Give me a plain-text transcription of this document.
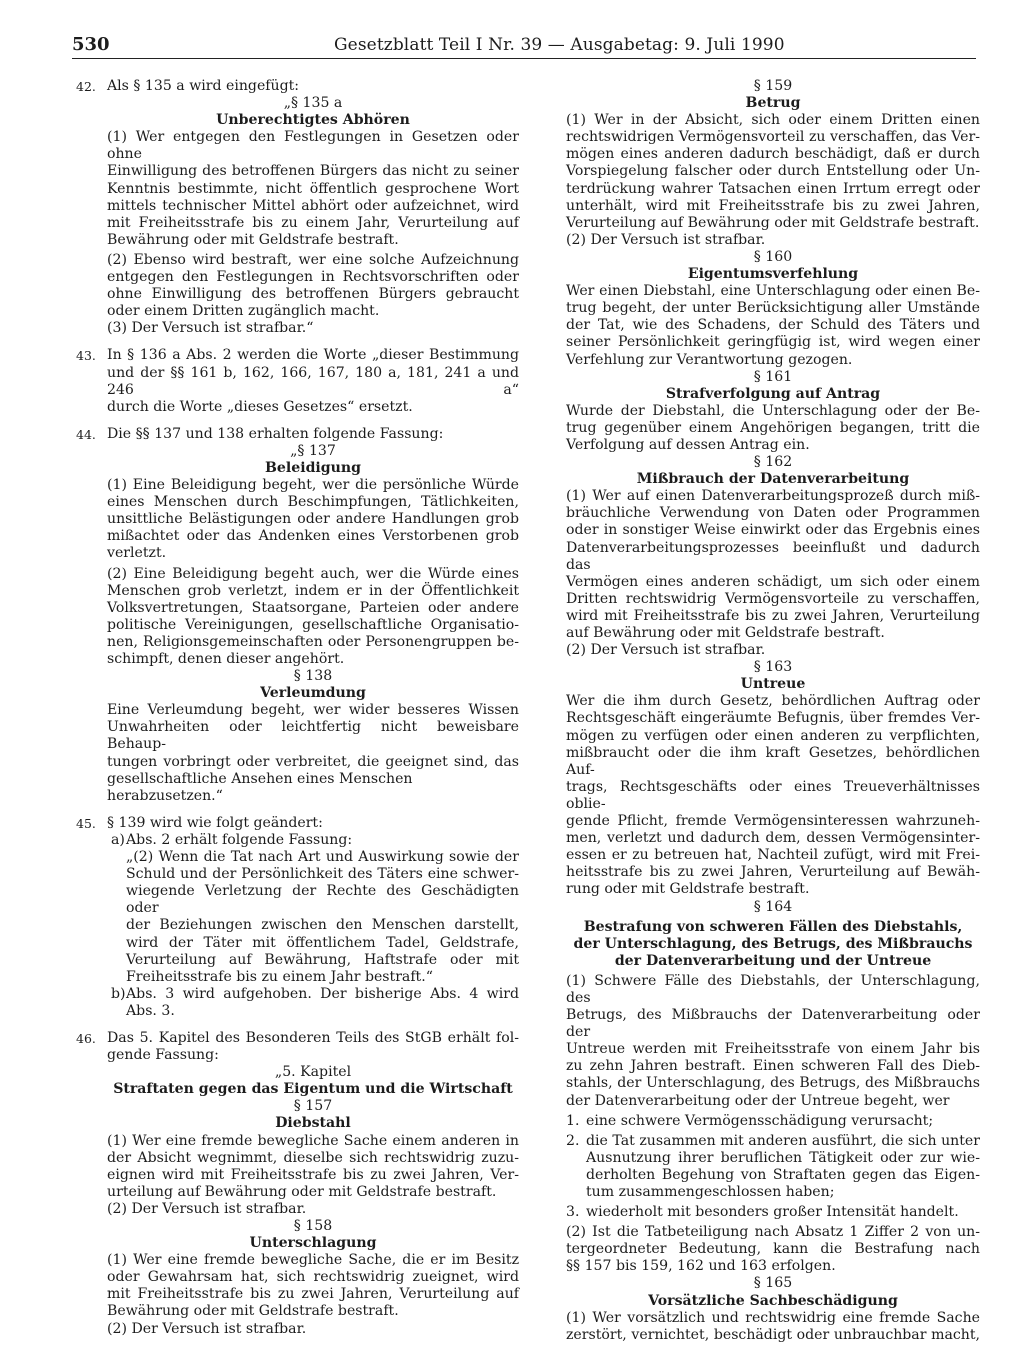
530	Gesetzblatt Teil I Nr. 39 — Ausgabetag: 9. Juli 1990
42. Als § 135 a wird eingefügt:

„§ 135 a

Unberechtigtes Abhören

(1) Wer entgegen den Festlegungen in Gesetzen oder ohne

Einwilligung des betroffenen Bürgers das nicht zu seiner

Kenntnis bestimmte, nicht öffentlich gesprochene Wort

mittels technischer Mittel abhört oder aufzeichnet, wird

mit Freiheitsstrafe bis zu einem Jahr, Verurteilung auf

Bewährung oder mit Geldstrafe bestraft.

(2) Ebenso wird bestraft, wer eine solche Aufzeichnung

entgegen den Festlegungen in Rechtsvorschriften oder

ohne Einwilligung des betroffenen Bürgers gebraucht

oder einem Dritten zugänglich macht.

(3) Der Versuch ist strafbar.“

43. In § 136 a Abs. 2 werden die Worte „dieser Bestimmung

und der §§ 161 b, 162, 166, 167, 180 a, 181, 241 a und 246 a“

durch die Worte „dieses Gesetzes“ ersetzt.

44. Die §§ 137 und 138 erhalten folgende Fassung:

„§ 137

Beleidigung

(1) Eine Beleidigung begeht, wer die persönliche Würde

eines Menschen durch Beschimpfungen, Tätlichkeiten,

unsittliche Belästigungen oder andere Handlungen grob

mißachtet oder das Andenken eines Verstorbenen grob

verletzt.

(2) Eine Beleidigung begeht auch, wer die Würde eines

Menschen grob verletzt, indem er in der Öffentlichkeit

Volksvertretungen, Staatsorgane, Parteien oder andere

politische Vereinigungen, gesellschaftliche Organisatio-

nen, Religionsgemeinschaften oder Personengruppen be-

schimpft, denen dieser angehört.

§ 138

Verleumdung

Eine Verleumdung begeht, wer wider besseres Wissen

Unwahrheiten oder leichtfertig nicht beweisbare Behaup-

tungen vorbringt oder verbreitet, die geeignet sind, das

gesellschaftliche Ansehen eines Menschen herabzusetzen.“

45. § 139 wird wie folgt geändert:

a) Abs. 2 erhält folgende Fassung:

„(2) Wenn die Tat nach Art und Auswirkung sowie der

Schuld und der Persönlichkeit des Täters eine schwer-

wiegende Verletzung der Rechte des Geschädigten oder

der Beziehungen zwischen den Menschen darstellt,

wird der Täter mit öffentlichem Tadel, Geldstrafe,

Verurteilung auf Bewährung, Haftstrafe oder mit

Freiheitsstrafe bis zu einem Jahr bestraft.“

b) Abs. 3 wird aufgehoben. Der bisherige Abs. 4 wird

Abs. 3.

46. Das 5. Kapitel des Besonderen Teils des StGB erhält fol-

gende Fassung:

„5. Kapitel

Straftaten gegen das Eigentum und die Wirtschaft

§ 157

Diebstahl

(1) Wer eine fremde bewegliche Sache einem anderen in

der Absicht wegnimmt, dieselbe sich rechtswidrig zuzu-

eignen wird mit Freiheitsstrafe bis zu zwei Jahren, Ver-

urteilung auf Bewährung oder mit Geldstrafe bestraft.

(2) Der Versuch ist strafbar.

§ 158

Unterschlagung

(1) Wer eine fremde bewegliche Sache, die er im Besitz

oder Gewahrsam hat, sich rechtswidrig zueignet, wird

mit Freiheitsstrafe bis zu zwei Jahren, Verurteilung auf

Bewährung oder mit Geldstrafe bestraft.

(2) Der Versuch ist strafbar.

§ 159

Betrug

(1) Wer in der Absicht, sich oder einem Dritten einen

rechtswidrigen Vermögensvorteil zu verschaffen, das Ver-

mögen eines anderen dadurch beschädigt, daß er durch

Vorspiegelung falscher oder durch Entstellung oder Un-

terdrückung wahrer Tatsachen einen Irrtum erregt oder

unterhält, wird mit Freiheitsstrafe bis zu zwei Jahren,

Verurteilung auf Bewährung oder mit Geldstrafe bestraft.

(2) Der Versuch ist strafbar.

§ 160

Eigentumsverfehlung

Wer einen Diebstahl, eine Unterschlagung oder einen Be-

trug begeht, der unter Berücksichtigung aller Umstände

der Tat, wie des Schadens, der Schuld des Täters und

seiner Persönlichkeit geringfügig ist, wird wegen einer

Verfehlung zur Verantwortung gezogen.

§ 161

Strafverfolgung auf Antrag

Wurde der Diebstahl, die Unterschlagung oder der Be-

trug gegenüber einem Angehörigen begangen, tritt die

Verfolgung auf dessen Antrag ein.

§ 162

Mißbrauch der Datenverarbeitung

(1) Wer auf einen Datenverarbeitungsprozeß durch miß-

bräuchliche Verwendung von Daten oder Programmen

oder in sonstiger Weise einwirkt oder das Ergebnis eines

Datenverarbeitungsprozesses beeinflußt und dadurch das

Vermögen eines anderen schädigt, um sich oder einem

Dritten rechtswidrig Vermögensvorteile zu verschaffen,

wird mit Freiheitsstrafe bis zu zwei Jahren, Verurteilung

auf Bewährung oder mit Geldstrafe bestraft.

(2) Der Versuch ist strafbar.

§ 163

Untreue

Wer die ihm durch Gesetz, behördlichen Auftrag oder

Rechtsgeschäft eingeräumte Befugnis, über fremdes Ver-

mögen zu verfügen oder einen anderen zu verpflichten,

mißbraucht oder die ihm kraft Gesetzes, behördlichen Auf-

trags, Rechtsgeschäfts oder eines Treueverhältnisses oblie-

gende Pflicht, fremde Vermögensinteressen wahrzuneh-

men, verletzt und dadurch dem, dessen Vermögensinter-

essen er zu betreuen hat, Nachteil zufügt, wird mit Frei-

heitsstrafe bis zu zwei Jahren, Verurteilung auf Bewäh-

rung oder mit Geldstrafe bestraft.

§ 164

Bestrafung von schweren Fällen des Diebstahls,

der Unterschlagung, des Betrugs, des Mißbrauchs

der Datenverarbeitung und der Untreue

(1) Schwere Fälle des Diebstahls, der Unterschlagung, des

Betrugs, des Mißbrauchs der Datenverarbeitung oder der

Untreue werden mit Freiheitsstrafe von einem Jahr bis

zu zehn Jahren bestraft. Einen schweren Fall des Dieb-

stahls, der Unterschlagung, des Betrugs, des Mißbrauchs

der Datenverarbeitung oder der Untreue begeht, wer

1. eine schwere Vermögensschädigung verursacht;

2. die Tat zusammen mit anderen ausführt, die sich unter

Ausnutzung ihrer beruflichen Tätigkeit oder zur wie-

derholten Begehung von Straftaten gegen das Eigen-

tum zusammengeschlossen haben;

3. wiederholt mit besonders großer Intensität handelt.

(2) Ist die Tatbeteiligung nach Absatz 1 Ziffer 2 von un-

tergeordneter Bedeutung, kann die Bestrafung nach

§§ 157 bis 159, 162 und 163 erfolgen.

§ 165

Vorsätzliche Sachbeschädigung

(1) Wer vorsätzlich und rechtswidrig eine fremde Sache

zerstört, vernichtet, beschädigt oder unbrauchbar macht,
